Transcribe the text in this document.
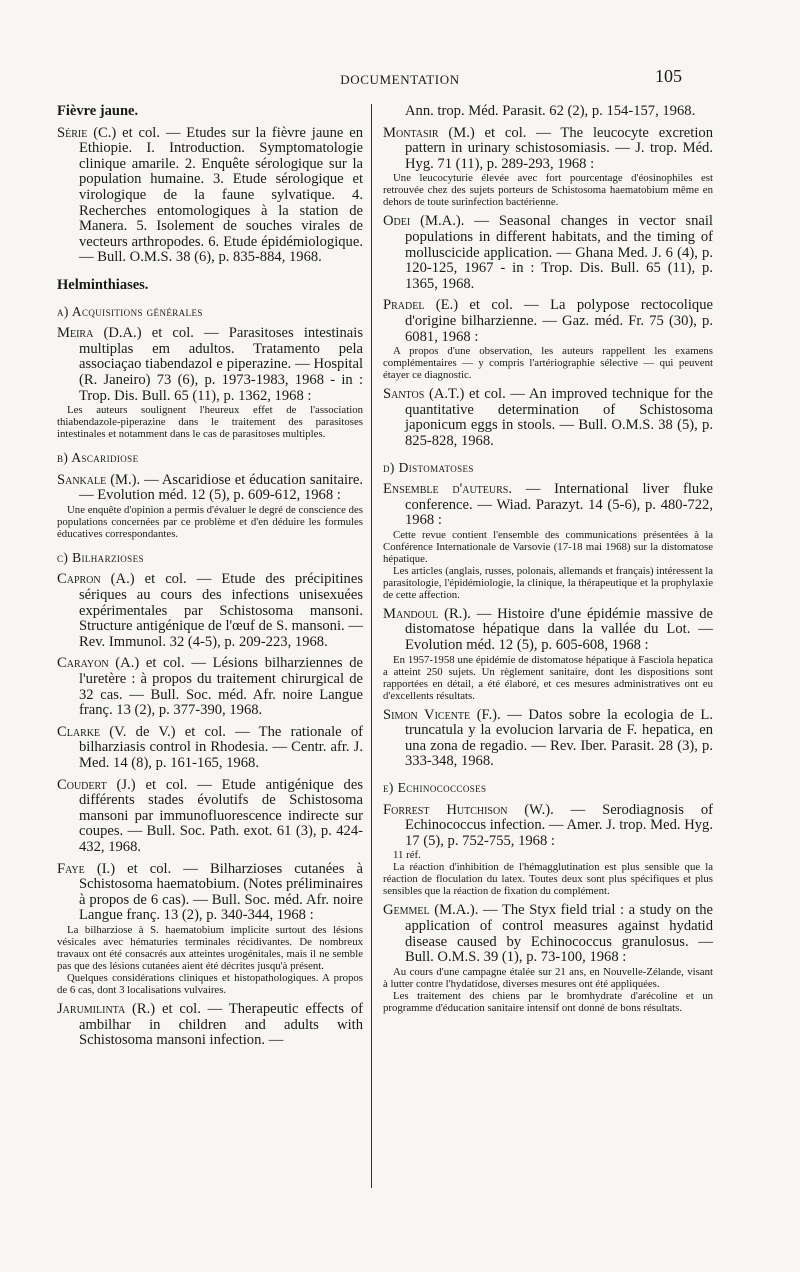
DOCUMENTATION	105
Fièvre jaune.
Série (C.) et col. — Etudes sur la fièvre jaune en Ethiopie. I. Introduction. Symptomatologie clinique amarile. 2. Enquête sérologique sur la population humaine. 3. Etude sérologique et virologique de la faune sylvatique. 4. Recherches entomologiques à la station de Manera. 5. Isolement de souches virales de vecteurs arthropodes. 6. Etude épidémiologique. — Bull. O.M.S. 38 (6), p. 835-884, 1968.
Helminthiases.
a) Acquisitions générales
Meira (D.A.) et col. — Parasitoses intestinais multiplas em adultos. Tratamento pela associaçao tiabendazol e piperazine. — Hospital (R. Janeiro) 73 (6), p. 1973-1983, 1968 - in : Trop. Dis. Bull. 65 (11), p. 1362, 1968 :
Les auteurs soulignent l'heureux effet de l'association thiabendazole-piperazine dans le traitement des parasitoses intestinales et notamment dans le cas de parasitoses multiples.
b) Ascaridiose
Sankale (M.). — Ascaridiose et éducation sanitaire. — Evolution méd. 12 (5), p. 609-612, 1968 :
Une enquête d'opinion a permis d'évaluer le degré de conscience des populations concernées par ce problème et d'en déduire les formules éducatives correspondantes.
c) Bilharzioses
Capron (A.) et col. — Etude des précipitines sériques au cours des infections unisexuées expérimentales par Schistosoma mansoni. Structure antigénique de l'œuf de S. mansoni. — Rev. Immunol. 32 (4-5), p. 209-223, 1968.
Carayon (A.) et col. — Lésions bilharziennes de l'uretère : à propos du traitement chirurgical de 32 cas. — Bull. Soc. méd. Afr. noire Langue franç. 13 (2), p. 377-390, 1968.
Clarke (V. de V.) et col. — The rationale of bilharziasis control in Rhodesia. — Centr. afr. J. Med. 14 (8), p. 161-165, 1968.
Coudert (J.) et col. — Etude antigénique des différents stades évolutifs de Schistosoma mansoni par immunofluorescence indirecte sur coupes. — Bull. Soc. Path. exot. 61 (3), p. 424-432, 1968.
Faye (I.) et col. — Bilharzioses cutanées à Schistosoma haematobium. (Notes préliminaires à propos de 6 cas). — Bull. Soc. méd. Afr. noire Langue franç. 13 (2), p. 340-344, 1968 :
La bilharziose à S. haematobium implicite surtout des lésions vésicales avec hématuries terminales récidivantes. De nombreux travaux ont été consacrés aux atteintes urogénitales, mais il ne semble pas que des lésions cutanées aient été décrites jusqu'à présent.
Quelques considérations cliniques et histopathologiques. A propos de 6 cas, dont 3 localisations vulvaires.
Jarumilinta (R.) et col. — Therapeutic effects of ambilhar in children and adults with Schistosoma mansoni infection. —
Ann. trop. Méd. Parasit. 62 (2), p. 154-157, 1968.
Montasir (M.) et col. — The leucocyte excretion pattern in urinary schistosomiasis. — J. trop. Méd. Hyg. 71 (11), p. 289-293, 1968 :
Une leucocyturie élevée avec fort pourcentage d'éosinophiles est retrouvée chez des sujets porteurs de Schistosoma haematobium même en dehors de toute surinfection bactérienne.
Odei (M.A.). — Seasonal changes in vector snail populations in different habitats, and the timing of molluscicide application. — Ghana Med. J. 6 (4), p. 120-125, 1967 - in : Trop. Dis. Bull. 65 (11), p. 1365, 1968.
Pradel (E.) et col. — La polypose rectocolique d'origine bilharzienne. — Gaz. méd. Fr. 75 (30), p. 6081, 1968 :
A propos d'une observation, les auteurs rappellent les examens complémentaires — y compris l'artériographie sélective — qui peuvent étayer ce diagnostic.
Santos (A.T.) et col. — An improved technique for the quantitative determination of Schistosoma japonicum eggs in stools. — Bull. O.M.S. 38 (5), p. 825-828, 1968.
d) Distomatoses
Ensemble d'auteurs. — International liver fluke conference. — Wiad. Parazyt. 14 (5-6), p. 480-722, 1968 :
Cette revue contient l'ensemble des communications présentées à la Conférence Internationale de Varsovie (17-18 mai 1968) sur la distomatose hépatique.
Les articles (anglais, russes, polonais, allemands et français) intéressent la parasitologie, l'épidémiologie, la clinique, la thérapeutique et la prophylaxie de cette affection.
Mandoul (R.). — Histoire d'une épidémie massive de distomatose hépatique dans la vallée du Lot. — Evolution méd. 12 (5), p. 605-608, 1968 :
En 1957-1958 une épidémie de distomatose hépatique à Fasciola hepatica a atteint 250 sujets. Un règlement sanitaire, dont les dispositions sont rapportées en détail, a été élaboré, et ces mesures administratives ont eu d'excellents résultats.
Simon Vicente (F.). — Datos sobre la ecologia de L. truncatula y la evolucion larvaria de F. hepatica, en una zona de regadio. — Rev. Iber. Parasit. 28 (3), p. 333-348, 1968.
e) Echinococcoses
Forrest Hutchison (W.). — Serodiagnosis of Echinococcus infection. — Amer. J. trop. Med. Hyg. 17 (5), p. 752-755, 1968 :
11 réf.
La réaction d'inhibition de l'hémagglutination est plus sensible que la réaction de floculation du latex. Toutes deux sont plus spécifiques et plus sensibles que la réaction de fixation du complément.
Gemmel (M.A.). — The Styx field trial : a study on the application of control measures against hydatid disease caused by Echinococcus granulosus. — Bull. O.M.S. 39 (1), p. 73-100, 1968 :
Au cours d'une campagne étalée sur 21 ans, en Nouvelle-Zélande, visant à lutter contre l'hydatidose, diverses mesures ont été appliquées.
Les traitement des chiens par le bromhydrate d'arécoline et un programme d'éducation sanitaire intensif ont donné de bons résultats.
